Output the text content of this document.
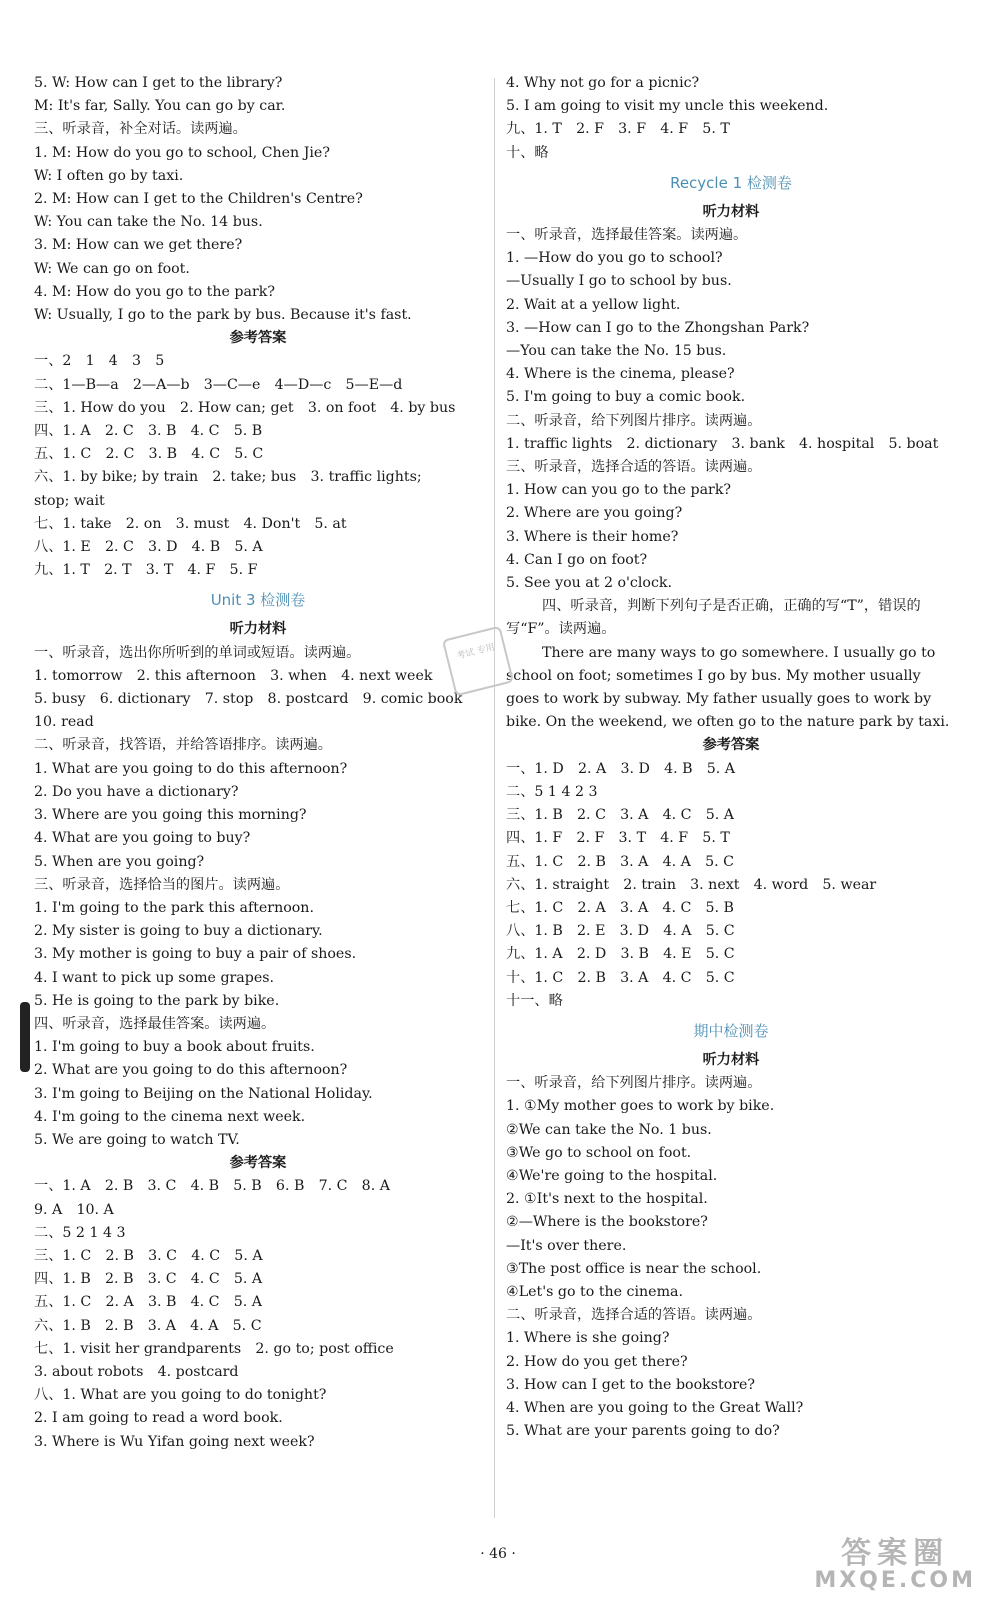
5. W: How can I get to the library?
M: It's far, Sally. You can go by car.
三、听录音，补全对话。读两遍。
1. M: How do you go to school, Chen Jie?
W: I often go by taxi.
2. M: How can I get to the Children's Centre?
W: You can take the No. 14 bus.
3. M: How can we get there?
W: We can go on foot.
4. M: How do you go to the park?
W: Usually, I go to the park by bus. Because it's fast.
参考答案
一、2　1　4　3　5
二、1—B—a　2—A—b　3—C—e　4—D—c　5—E—d
三、1. How do you　2. How can; get　3. on foot　4. by bus
四、1. A　2. C　3. B　4. C　5. B
五、1. C　2. C　3. B　4. C　5. C
六、1. by bike; by train　2. take; bus　3. traffic lights;
stop; wait
七、1. take　2. on　3. must　4. Don't　5. at
八、1. E　2. C　3. D　4. B　5. A
九、1. T　2. T　3. T　4. F　5. F
Unit 3 检测卷
听力材料
一、听录音，选出你所听到的单词或短语。读两遍。
1. tomorrow　2. this afternoon　3. when　4. next week
5. busy　6. dictionary　7. stop　8. postcard　9. comic book
10. read
二、听录音，找答语，并给答语排序。读两遍。
1. What are you going to do this afternoon?
2. Do you have a dictionary?
3. Where are you going this morning?
4. What are you going to buy?
5. When are you going?
三、听录音，选择恰当的图片。读两遍。
1. I'm going to the park this afternoon.
2. My sister is going to buy a dictionary.
3. My mother is going to buy a pair of shoes.
4. I want to pick up some grapes.
5. He is going to the park by bike.
四、听录音，选择最佳答案。读两遍。
1. I'm going to buy a book about fruits.
2. What are you going to do this afternoon?
3. I'm going to Beijing on the National Holiday.
4. I'm going to the cinema next week.
5. We are going to watch TV.
参考答案
一、1. A　2. B　3. C　4. B　5. B　6. B　7. C　8. A
9. A　10. A
二、5 2 1 4 3
三、1. C　2. B　3. C　4. C　5. A
四、1. B　2. B　3. C　4. C　5. A
五、1. C　2. A　3. B　4. C　5. A
六、1. B　2. B　3. A　4. A　5. C
七、1. visit her grandparents　2. go to; post office
3. about robots　4. postcard
八、1. What are you going to do tonight?
2. I am going to read a word book.
3. Where is Wu Yifan going next week?
4. Why not go for a picnic?
5. I am going to visit my uncle this weekend.
九、1. T　2. F　3. F　4. F　5. T
十、略
Recycle 1 检测卷
听力材料
一、听录音，选择最佳答案。读两遍。
1. —How do you go to school?
—Usually I go to school by bus.
2. Wait at a yellow light.
3. —How can I go to the Zhongshan Park?
—You can take the No. 15 bus.
4. Where is the cinema, please?
5. I'm going to buy a comic book.
二、听录音，给下列图片排序。读两遍。
1. traffic lights　2. dictionary　3. bank　4. hospital　5. boat
三、听录音，选择合适的答语。读两遍。
1. How can you go to the park?
2. Where are you going?
3. Where is their home?
4. Can I go on foot?
5. See you at 2 o'clock.
四、听录音，判断下列句子是否正确，正确的写“T”，错误的写“F”。读两遍。
There are many ways to go somewhere. I usually go to school on foot; sometimes I go by bus. My mother usually goes to work by subway. My father usually goes to work by bike. On the weekend, we often go to the nature park by taxi.
参考答案
一、1. D　2. A　3. D　4. B　5. A
二、5 1 4 2 3
三、1. B　2. C　3. A　4. C　5. A
四、1. F　2. F　3. T　4. F　5. T
五、1. C　2. B　3. A　4. A　5. C
六、1. straight　2. train　3. next　4. word　5. wear
七、1. C　2. A　3. A　4. C　5. B
八、1. B　2. E　3. D　4. A　5. C
九、1. A　2. D　3. B　4. E　5. C
十、1. C　2. B　3. A　4. C　5. C
十一、略
期中检测卷
听力材料
一、听录音，给下列图片排序。读两遍。
1. ①My mother goes to work by bike.
②We can take the No. 1 bus.
③We go to school on foot.
④We're going to the hospital.
2. ①It's next to the hospital.
②—Where is the bookstore?
—It's over there.
③The post office is near the school.
④Let's go to the cinema.
二、听录音，选择合适的答语。读两遍。
1. Where is she going?
2. How do you get there?
3. How can I get to the bookstore?
4. When are you going to the Great Wall?
5. What are your parents going to do?
考试 专用
· 46 ·	答案圈
MXQE.COM
